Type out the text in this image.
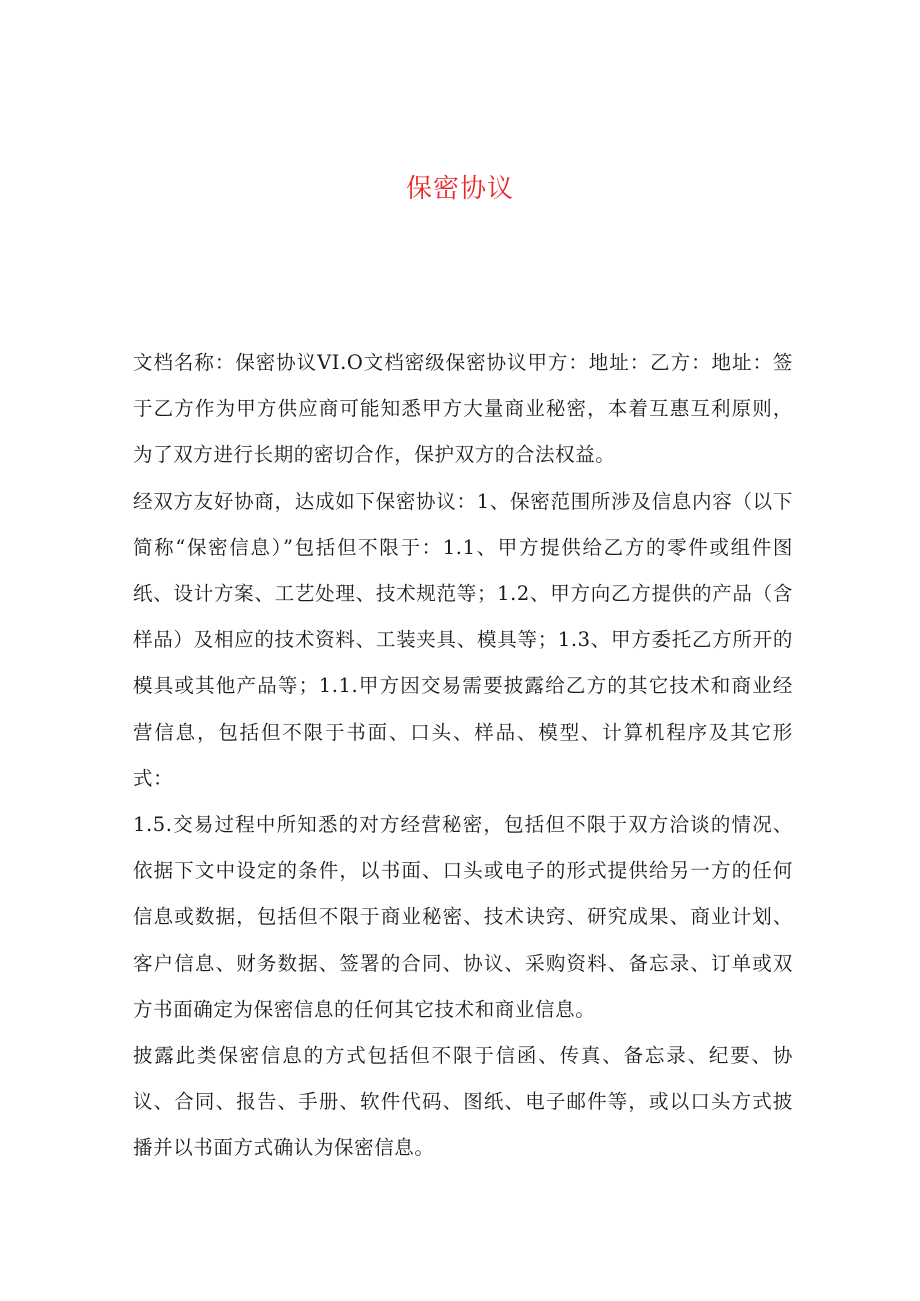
保密协议

文档名称：保密协议VI.O文档密级保密协议甲方：地址：乙方：地址：签于乙方作为甲方供应商可能知悉甲方大量商业秘密，本着互惠互利原则，为了双方进行长期的密切合作，保护双方的合法权益。

经双方友好协商，达成如下保密协议：1、保密范围所涉及信息内容（以下简称“保密信息）”包括但不限于：1.1、甲方提供给乙方的零件或组件图纸、设计方案、工艺处理、技术规范等；1.2、甲方向乙方提供的产品（含样品）及相应的技术资料、工装夹具、模具等；1.3、甲方委托乙方所开的模具或其他产品等；1.1.甲方因交易需要披露给乙方的其它技术和商业经营信息，包括但不限于书面、口头、样品、模型、计算机程序及其它形式：

1.5.交易过程中所知悉的对方经营秘密，包括但不限于双方洽谈的情况、依据下文中设定的条件，以书面、口头或电子的形式提供给另一方的任何信息或数据，包括但不限于商业秘密、技术诀窍、研究成果、商业计划、客户信息、财务数据、签署的合同、协议、采购资料、备忘录、订单或双方书面确定为保密信息的任何其它技术和商业信息。

披露此类保密信息的方式包括但不限于信函、传真、备忘录、纪要、协议、合同、报告、手册、软件代码、图纸、电子邮件等，或以口头方式披播并以书面方式确认为保密信息。
